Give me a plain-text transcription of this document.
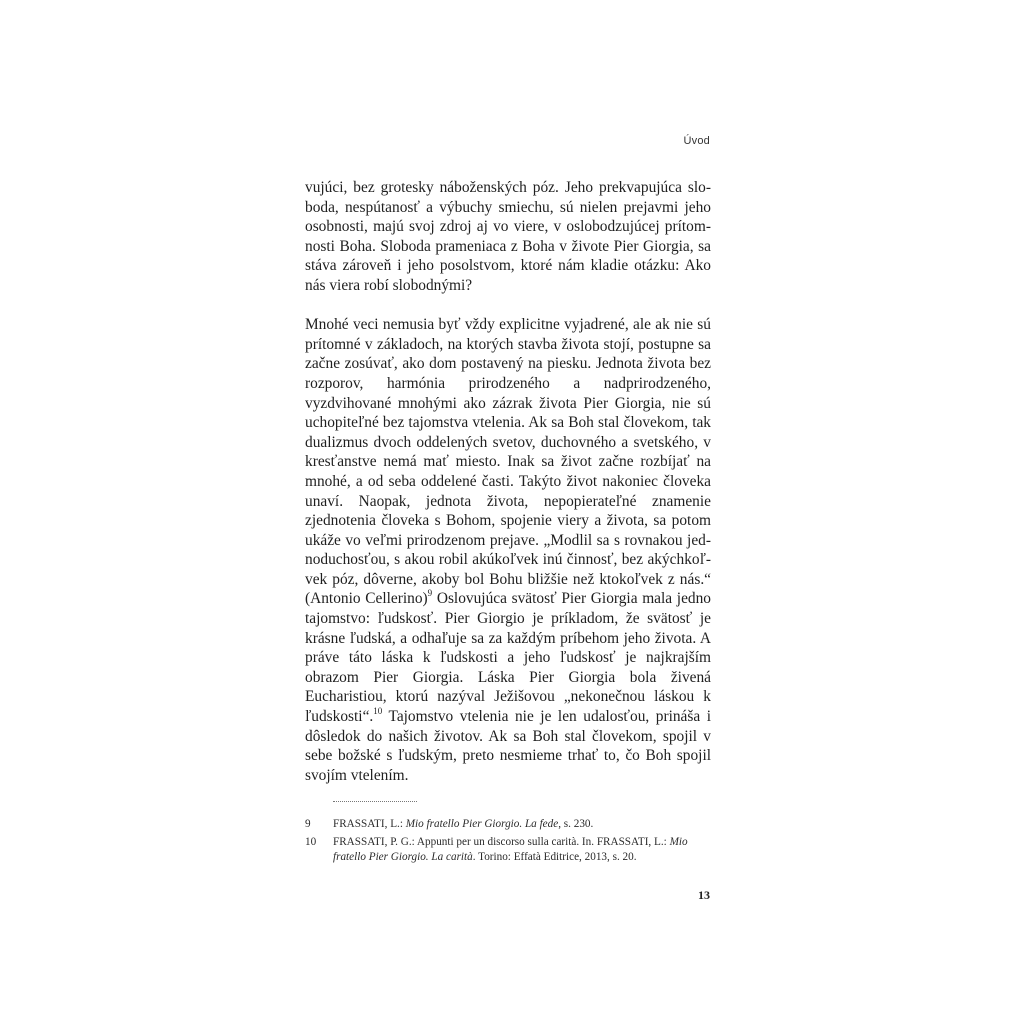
Úvod

vujúci, bez grotesky náboženských póz. Jeho prekvapujúca sloboda, nespútanosť a výbuchy smiechu, sú nielen prejavmi jeho osobnosti, majú svoj zdroj aj vo viere, v oslobodzujúcej prítomnosti Boha. Sloboda prameniaca z Boha v živote Pier Giorgia, sa stáva zároveň i jeho posolstvom, ktoré nám kladie otázku: Ako nás viera robí slobodnými?

Mnohé veci nemusia byť vždy explicitne vyjadrené, ale ak nie sú prítomné v základoch, na ktorých stavba života stojí, postupne sa začne zosúvať, ako dom postavený na piesku. Jednota života bez rozporov, harmónia prirodzeného a nadprirodzeného, vyzdvihované mnohými ako zázrak života Pier Giorgia, nie sú uchopiteľné bez tajomstva vtelenia. Ak sa Boh stal človekom, tak dualizmus dvoch oddelených svetov, duchovného a svetského, v kresťanstve nemá mať miesto. Inak sa život začne rozbíjať na mnohé, a od seba oddelené časti. Takýto život nakoniec človeka unaví. Naopak, jednota života, nepopierateľné znamenie zjednotenia človeka s Bohom, spojenie viery a života, sa potom ukáže vo veľmi prirodzenom prejave. „Modlil sa s rovnakou jednoduchosťou, s akou robil akúkoľvek inú činnosť, bez akýchkoľvek póz, dôverne, akoby bol Bohu bližšie než ktokoľvek z nás.“ (Antonio Cellerino)$^9$ Oslovujúca svätosť Pier Giorgia mala jedno tajomstvo: ľudskosť. Pier Giorgio je príkladom, že svätosť je krásne ľudská, a odhaľuje sa za každým príbehom jeho života. A práve táto láska k ľudskosti a jeho ľudskosť je najkrajším obrazom Pier Giorgia. Láska Pier Giorgia bola živená Eucharistiou, ktorú nazýval Ježišovou „nekonečnou láskou k ľudskosti“.$^{10}$ Tajomstvo vtelenia nie je len udalosťou, prináša i dôsledok do našich životov. Ak sa Boh stal človekom, spojil v sebe božské s ľudským, preto nesmieme trhať to, čo Boh spojil svojím vtelením.

9	FRASSATI, L.: Mio fratello Pier Giorgio. La fede, s. 230.
10	FRASSATI, P. G.: Appunti per un discorso sulla carità. In. FRASSATI, L.: Mio fratello Pier Giorgio. La carità. Torino: Effatà Editrice, 2013, s. 20.
13
